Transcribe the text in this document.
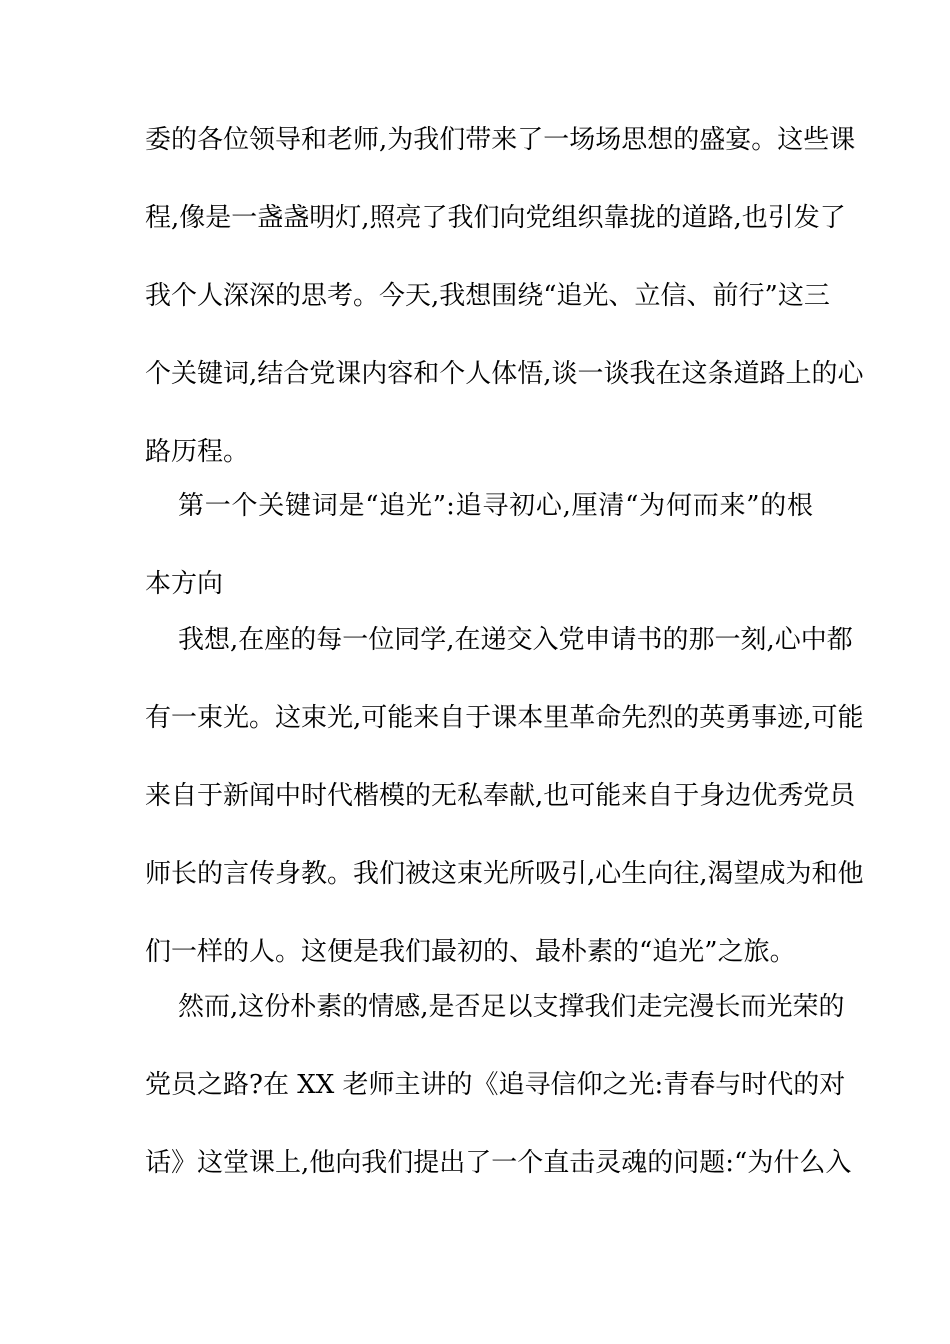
委的各位领导和老师,为我们带来了一场场思想的盛宴。这些课
程,像是一盏盏明灯,照亮了我们向党组织靠拢的道路,也引发了
我个人深深的思考。今天,我想围绕“追光、立信、前行”这三
个关键词,结合党课内容和个人体悟,谈一谈我在这条道路上的心
路历程。
第一个关键词是“追光”:追寻初心,厘清“为何而来”的根
本方向
我想,在座的每一位同学,在递交入党申请书的那一刻,心中都
有一束光。这束光,可能来自于课本里革命先烈的英勇事迹,可能
来自于新闻中时代楷模的无私奉献,也可能来自于身边优秀党员
师长的言传身教。我们被这束光所吸引,心生向往,渴望成为和他
们一样的人。这便是我们最初的、最朴素的“追光”之旅。
然而,这份朴素的情感,是否足以支撑我们走完漫长而光荣的
党员之路?在 XX 老师主讲的《追寻信仰之光:青春与时代的对
话》这堂课上,他向我们提出了一个直击灵魂的问题:“为什么入
